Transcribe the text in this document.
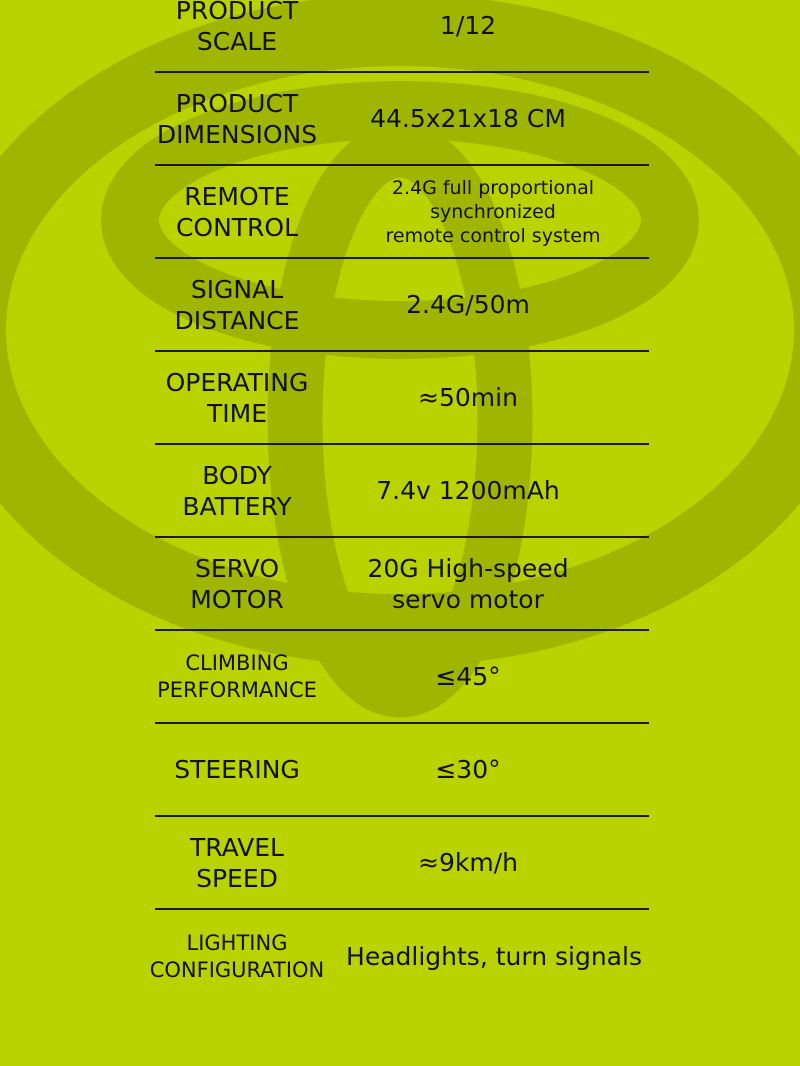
PRODUCT
SCALE
1/12
PRODUCT
DIMENSIONS
44.5x21x18 CM
REMOTE
CONTROL
2.4G full proportional
synchronized
remote control system
SIGNAL
DISTANCE
2.4G/50m
OPERATING
TIME
≈50min
BODY
BATTERY
7.4v 1200mAh
SERVO
MOTOR
20G High-speed
servo motor
CLIMBING
PERFORMANCE	≤45°
STEERING	≤30°
TRAVEL
SPEED
≈9km/h
LIGHTING
CONFIGURATION Headlights, turn signals
